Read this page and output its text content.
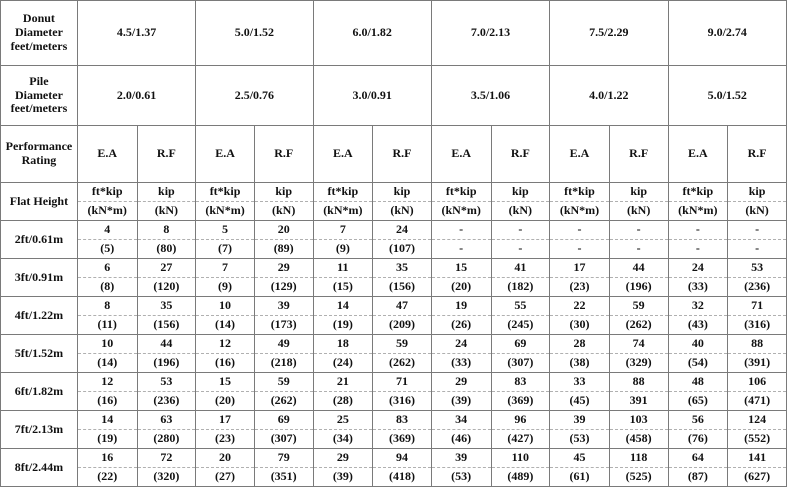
Donut
Diameter
feet/meters	4.5/1.37		5.0/1.52		6.0/1.82		7.0/2.13		7.5/2.29		9.0/2.74	

Pile
Diameter
feet/meters	2.0/0.61		2.5/0.76		3.0/0.91		3.5/1.06		4.0/1.22		5.0/1.52	

Performance
Rating	E.A	R.F	E.A	R.F	E.A	R.F	E.A	R.F	E.A	R.F	E.A	R.F
Flat Height	ft*kip	kip	ft*kip	kip	ft*kip	kip	ft*kip	kip	ft*kip	kip	ft*kip	kip
	(kN*m)	(kN)	(kN*m)	(kN)	(kN*m)	(kN)	(kN*m)	(kN)	(kN*m)	(kN)	(kN*m)	(kN)
2ft/0.61m	4	8	5	20	7	24	-	-	-	-	-	-
	(5)	(80)	(7)	(89)	(9)	(107)	-	-	-	-	-	-
3ft/0.91m	6	27	7	29	11	35	15	41	17	44	24	53
	(8)	(120)	(9)	(129)	(15)	(156)	(20)	(182)	(23)	(196)	(33)	(236)
4ft/1.22m	8	35	10	39	14	47	19	55	22	59	32	71
	(11)	(156)	(14)	(173)	(19)	(209)	(26)	(245)	(30)	(262)	(43)	(316)
5ft/1.52m	10	44	12	49	18	59	24	69	28	74	40	88
	(14)	(196)	(16)	(218)	(24)	(262)	(33)	(307)	(38)	(329)	(54)	(391)
6ft/1.82m	12	53	15	59	21	71	29	83	33	88	48	106
	(16)	(236)	(20)	(262)	(28)	(316)	(39)	(369)	(45)	391	(65)	(471)
7ft/2.13m	14	63	17	69	25	83	34	96	39	103	56	124
	(19)	(280)	(23)	(307)	(34)	(369)	(46)	(427)	(53)	(458)	(76)	(552)
8ft/2.44m	16	72	20	79	29	94	39	110	45	118	64	141
	(22)	(320)	(27)	(351)	(39)	(418)	(53)	(489)	(61)	(525)	(87)	(627)
